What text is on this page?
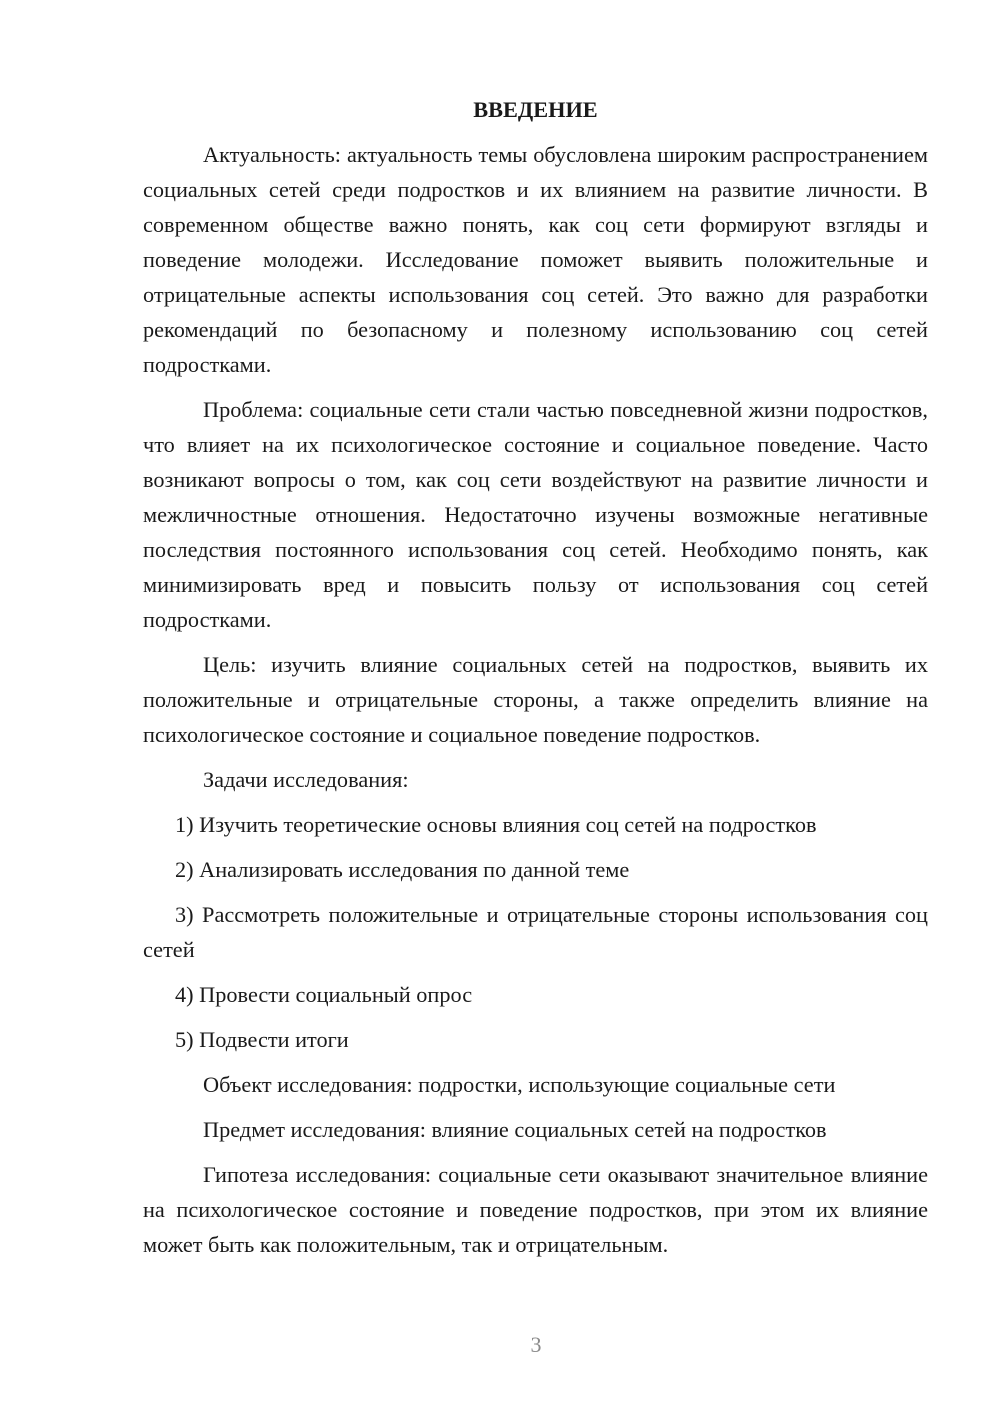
ВВЕДЕНИЕ

Актуальность: актуальность темы обусловлена широким распространением социальных сетей среди подростков и их влиянием на развитие личности. В современном обществе важно понять, как соц сети формируют взгляды и поведение молодежи. Исследование поможет выявить положительные и отрицательные аспекты использования соц сетей. Это важно для разработки рекомендаций по безопасному и полезному использованию соц сетей подростками.

Проблема: социальные сети стали частью повседневной жизни подростков, что влияет на их психологическое состояние и социальное поведение. Часто возникают вопросы о том, как соц сети воздействуют на развитие личности и межличностные отношения. Недостаточно изучены возможные негативные последствия постоянного использования соц сетей. Необходимо понять, как минимизировать вред и повысить пользу от использования соц сетей подростками.

Цель: изучить влияние социальных сетей на подростков, выявить их положительные и отрицательные стороны, а также определить влияние на психологическое состояние и социальное поведение подростков.

Задачи исследования:
1) Изучить теоретические основы влияния соц сетей на подростков
2) Анализировать исследования по данной теме
3) Рассмотреть положительные и отрицательные стороны использования соц сетей
4) Провести социальный опрос
5) Подвести итоги
Объект исследования: подростки, использующие социальные сети
Предмет исследования: влияние социальных сетей на подростков

Гипотеза исследования: социальные сети оказывают значительное влияние на психологическое состояние и поведение подростков, при этом их влияние может быть как положительным, так и отрицательным.

3
